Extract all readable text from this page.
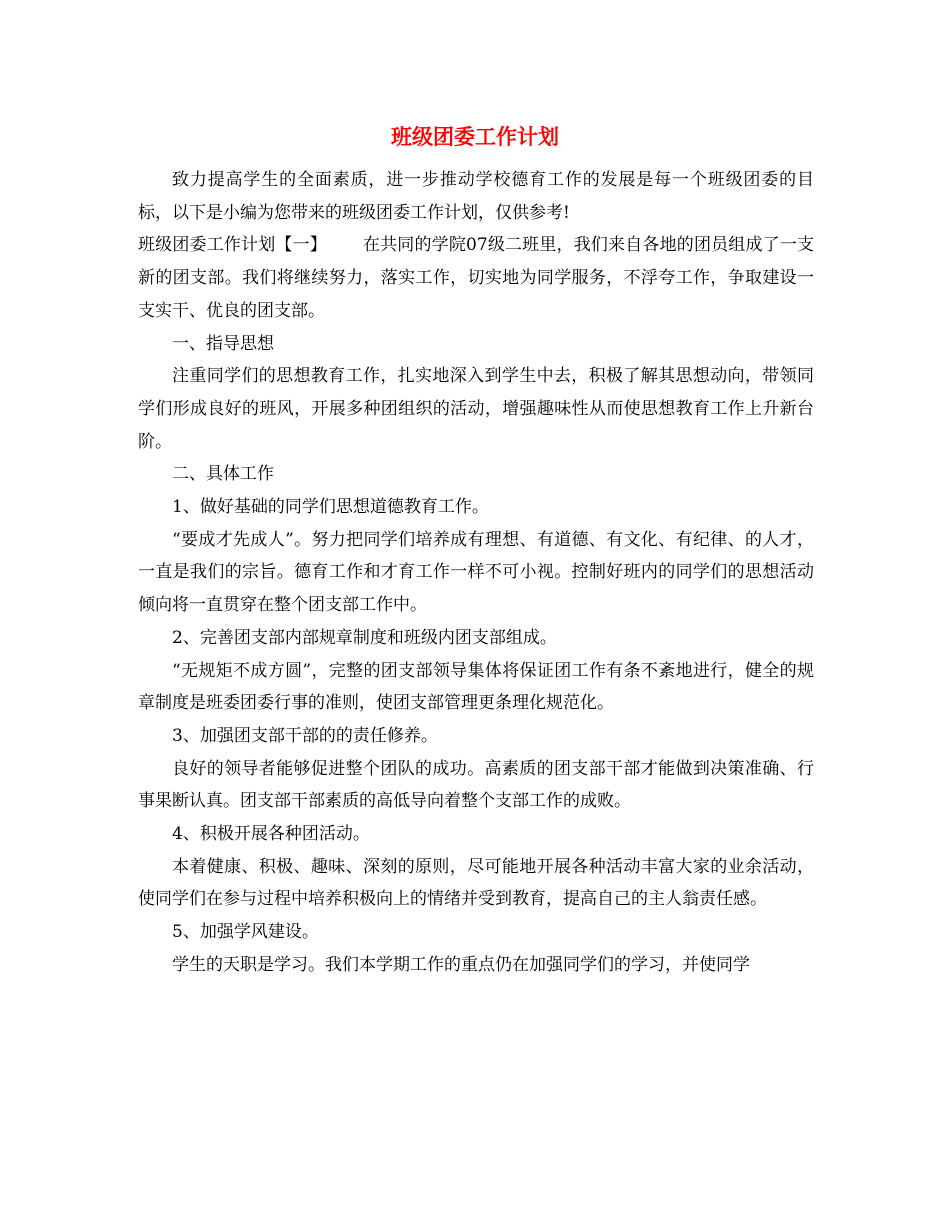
班级团委工作计划

致力提高学生的全面素质，进一步推动学校德育工作的发展是每一个班级团委的目标，以下是小编为您带来的班级团委工作计划，仅供参考!

班级团委工作计划【一】 在共同的学院07级二班里，我们来自各地的团员组成了一支新的团支部。我们将继续努力，落实工作，切实地为同学服务，不浮夸工作，争取建设一支实干、优良的团支部。

一、指导思想

注重同学们的思想教育工作，扎实地深入到学生中去，积极了解其思想动向，带领同学们形成良好的班风，开展多种团组织的活动，增强趣味性从而使思想教育工作上升新台阶。

二、具体工作

1、做好基础的同学们思想道德教育工作。

“要成才先成人”。努力把同学们培养成有理想、有道德、有文化、有纪律、的人才，一直是我们的宗旨。德育工作和才育工作一样不可小视。控制好班内的同学们的思想活动倾向将一直贯穿在整个团支部工作中。

2、完善团支部内部规章制度和班级内团支部组成。

“无规矩不成方圆”，完整的团支部领导集体将保证团工作有条不紊地进行，健全的规章制度是班委团委行事的准则，使团支部管理更条理化规范化。

3、加强团支部干部的的责任修养。

良好的领导者能够促进整个团队的成功。高素质的团支部干部才能做到决策准确、行事果断认真。团支部干部素质的高低导向着整个支部工作的成败。

4、积极开展各种团活动。

本着健康、积极、趣味、深刻的原则，尽可能地开展各种活动丰富大家的业余活动，使同学们在参与过程中培养积极向上的情绪并受到教育，提高自己的主人翁责任感。

5、加强学风建设。

学生的天职是学习。我们本学期工作的重点仍在加强同学们的学习，并使同学
